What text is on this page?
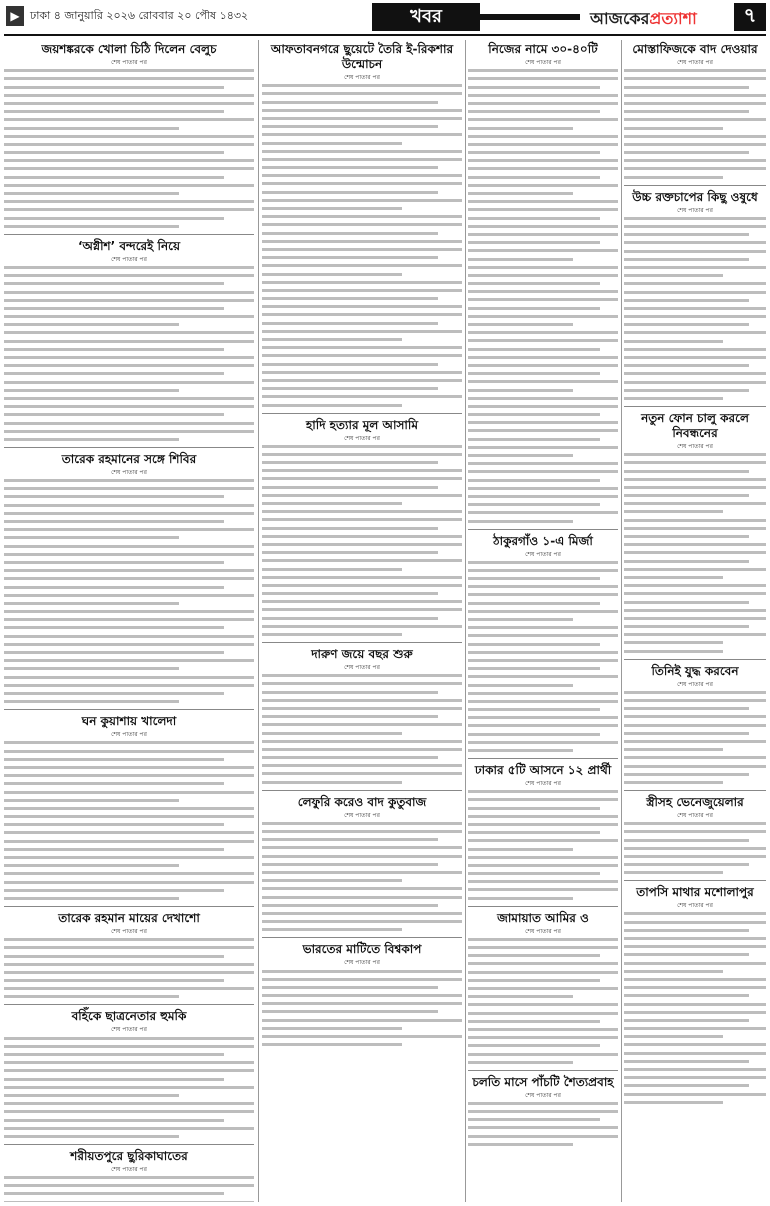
▶ ঢাকা ৪ জানুয়ারি ২০২৬ রোববার ২০ পৌষ ১৪৩২	খবর	আজকেরপ্রত্যাশা	৭
জয়শঙ্করকে খোলা চিঠি দিলেন বেলুচ
শেষ পাতার পর
‘অগ্নীশ’ বন্দরেই নিয়ে
শেষ পাতার পর
তারেক রহমানের সঙ্গে শিবির
শেষ পাতার পর
ঘন কুয়াশায় খালেদা
শেষ পাতার পর
তারেক রহমান মায়ের দেখাশো
শেষ পাতার পর
বহিঁকে ছাত্রনেতার হুমকি
শেষ পাতার পর
শরীয়তপুরে ছুরিকাঘাতের
শেষ পাতার পর
আফতাবনগরে ছুয়েটে তৈরি ই-রিকশার উন্মোচন
শেষ পাতার পর
হাদি হত্যার মূল আসামি
শেষ পাতার পর
দারুণ জয়ে বছর শুরু
শেষ পাতার পর
লেফুরি করেও বাদ কুতুবাজ
শেষ পাতার পর
ভারতের মাটিতে বিশ্বকাপ
শেষ পাতার পর
নিজের নামে ৩০-৪০টি
শেষ পাতার পর
ঠাকুরগাঁও ১-এ মির্জা
শেষ পাতার পর
ঢাকার ৫টি আসনে ১২ প্রার্থী
শেষ পাতার পর
জামায়াত আমির ও
শেষ পাতার পর
চলতি মাসে পাঁচটি শৈত্যপ্রবাহ
শেষ পাতার পর
মোস্তাফিজকে বাদ দেওয়ার
শেষ পাতার পর
উচ্চ রক্তচাপের কিছু ওষুধে
শেষ পাতার পর
নতুন ফোন চালু করলে নিবন্ধনের
শেষ পাতার পর
তিনিই যুদ্ধ করবেন
শেষ পাতার পর
স্ত্রীসহ ভেনেজুয়েলার
শেষ পাতার পর
তাপসি মাথার মশোলাপুর
শেষ পাতার পর
